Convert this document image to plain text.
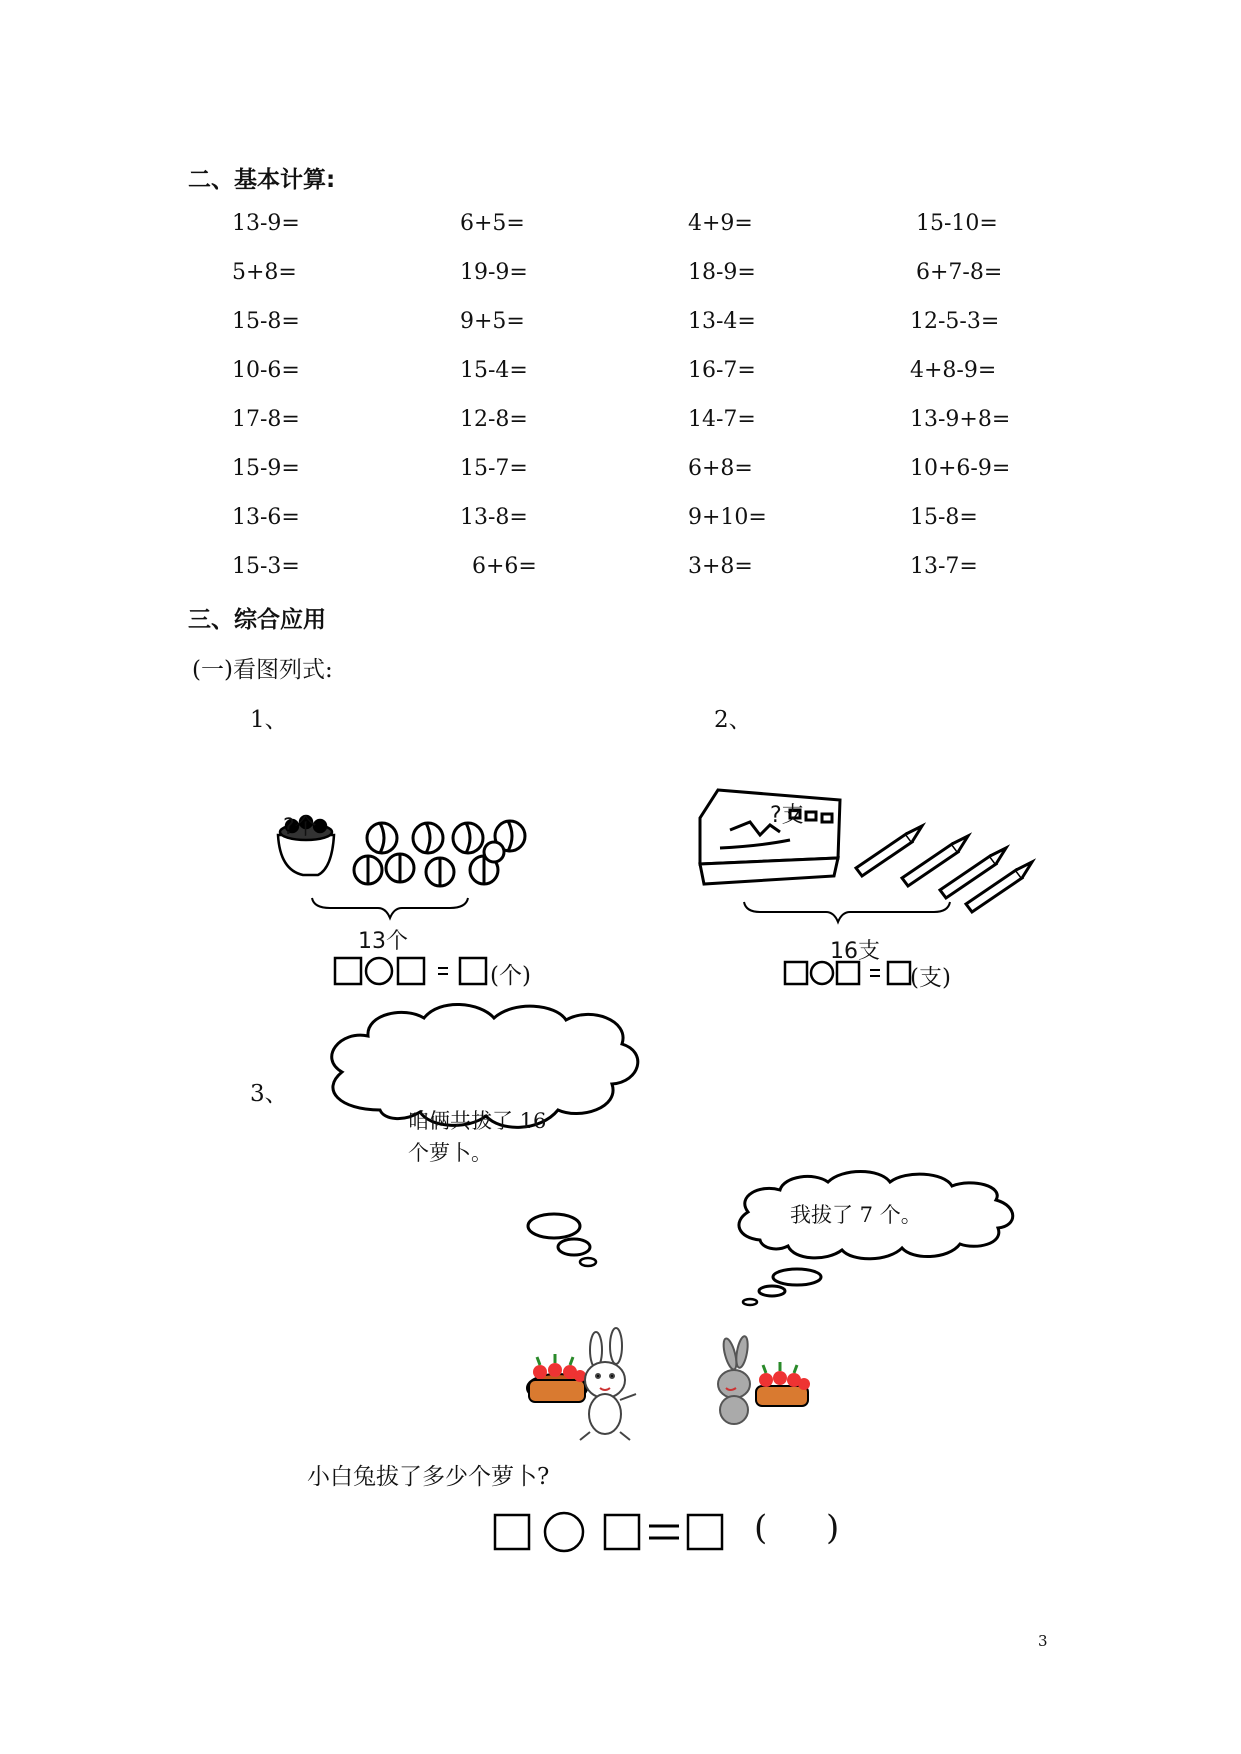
二、基本计算:
13-9=	6+5=	4+9=	15-10=
5+8=	19-9=	18-9=	6+7-8=
15-8=	9+5=	13-4=	12-5-3=
10-6=	15-4=	16-7=	4+8-9=
17-8=	12-8=	14-7=	13-9+8=
15-9=	15-7=	6+8=	10+6-9=
13-6=	13-8=	9+10=	15-8=
15-3=	6+6=	3+8=	13-7=
三、综合应用
(一)看图列式:
1、
?个
13个
(个)
2、
?支
16支
(支)
3、
咱俩共拔了 16
个萝卜。
我拔了 7 个。
小白兔拔了多少个萝卜?
( )
3
